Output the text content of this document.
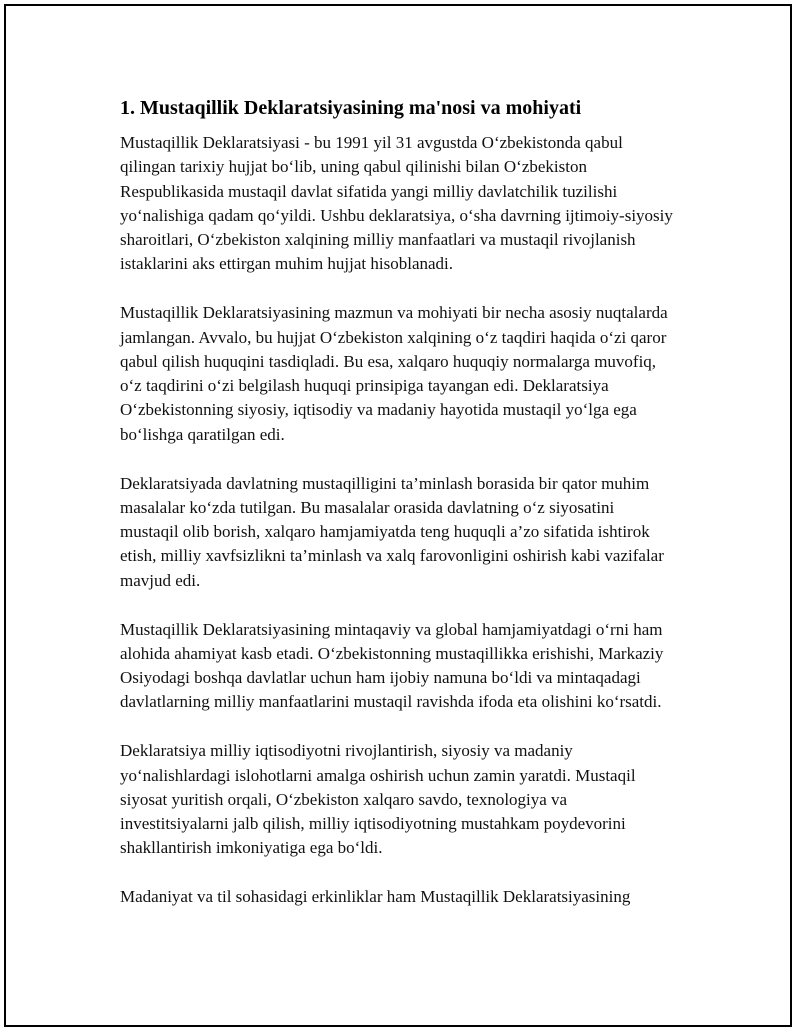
1. Mustaqillik Deklaratsiyasining ma'nosi va mohiyati

Mustaqillik Deklaratsiyasi - bu 1991 yil 31 avgustda O‘zbekistonda qabul qilingan tarixiy hujjat bo‘lib, uning qabul qilinishi bilan O‘zbekiston Respublikasida mustaqil davlat sifatida yangi milliy davlatchilik tuzilishi yo‘nalishiga qadam qo‘yildi. Ushbu deklaratsiya, o‘sha davrning ijtimoiy-siyosiy sharoitlari, O‘zbekiston xalqining milliy manfaatlari va mustaqil rivojlanish istaklarini aks ettirgan muhim hujjat hisoblanadi.

Mustaqillik Deklaratsiyasining mazmun va mohiyati bir necha asosiy nuqtalarda jamlangan. Avvalo, bu hujjat O‘zbekiston xalqining o‘z taqdiri haqida o‘zi qaror qabul qilish huquqini tasdiqladi. Bu esa, xalqaro huquqiy normalarga muvofiq, o‘z taqdirini o‘zi belgilash huquqi prinsipiga tayangan edi. Deklaratsiya O‘zbekistonning siyosiy, iqtisodiy va madaniy hayotida mustaqil yo‘lga ega bo‘lishga qaratilgan edi.

Deklaratsiyada davlatning mustaqilligini ta’minlash borasida bir qator muhim masalalar ko‘zda tutilgan. Bu masalalar orasida davlatning o‘z siyosatini mustaqil olib borish, xalqaro hamjamiyatda teng huquqli a’zo sifatida ishtirok etish, milliy xavfsizlikni ta’minlash va xalq farovonligini oshirish kabi vazifalar mavjud edi.

Mustaqillik Deklaratsiyasining mintaqaviy va global hamjamiyatdagi o‘rni ham alohida ahamiyat kasb etadi. O‘zbekistonning mustaqillikka erishishi, Markaziy Osiyodagi boshqa davlatlar uchun ham ijobiy namuna bo‘ldi va mintaqadagi davlatlarning milliy manfaatlarini mustaqil ravishda ifoda eta olishini ko‘rsatdi.

Deklaratsiya milliy iqtisodiyotni rivojlantirish, siyosiy va madaniy yo‘nalishlardagi islohotlarni amalga oshirish uchun zamin yaratdi. Mustaqil siyosat yuritish orqali, O‘zbekiston xalqaro savdo, texnologiya va investitsiyalarni jalb qilish, milliy iqtisodiyotning mustahkam poydevorini shakllantirish imkoniyatiga ega bo‘ldi.

Madaniyat va til sohasidagi erkinliklar ham Mustaqillik Deklaratsiyasining
